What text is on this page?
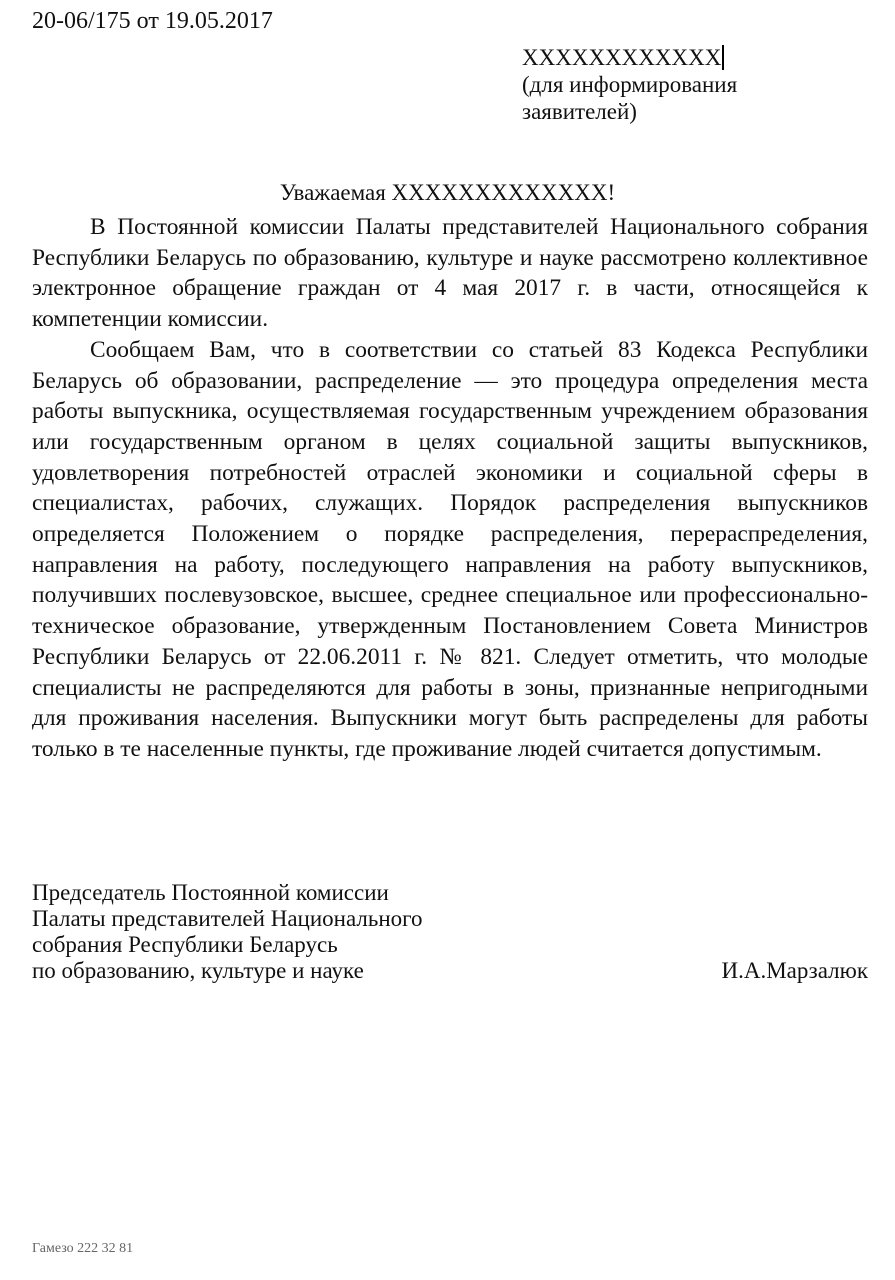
20-06/175 от 19.05.2017
XXXXXXXXXXXX
(для информирования
заявителей)
Уважаемая XXXXXXXXXXXXX!

В Постоянной комиссии Палаты представителей Национального собрания Республики Беларусь по образованию, культуре и науке рассмотрено коллективное электронное обращение граждан от 4 мая 2017 г. в части, относящейся к компетенции комиссии.

Сообщаем Вам, что в соответствии со статьей 83 Кодекса Республики Беларусь об образовании, распределение — это процедура определения места работы выпускника, осуществляемая государственным учреждением образования или государственным органом в целях социальной защиты выпускников, удовлетворения потребностей отраслей экономики и социальной сферы в специалистах, рабочих, служащих. Порядок распределения выпускников определяется Положением о порядке распределения, перераспределения, направления на работу, последующего направления на работу выпускников, получивших послевузовское, высшее, среднее специальное или профессионально-техническое образование, утвержденным Постановлением Совета Министров Республики Беларусь от 22.06.2011 г. № 821. Следует отметить, что молодые специалисты не распределяются для работы в зоны, признанные непригодными для проживания населения. Выпускники могут быть распределены для работы только в те населенные пункты, где проживание людей считается допустимым.

Председатель Постоянной комиссии
Палаты представителей Национального
собрания Республики Беларусь
по образованию, культуре и науке	И.А.Марзалюк
Гамезо 222 32 81
